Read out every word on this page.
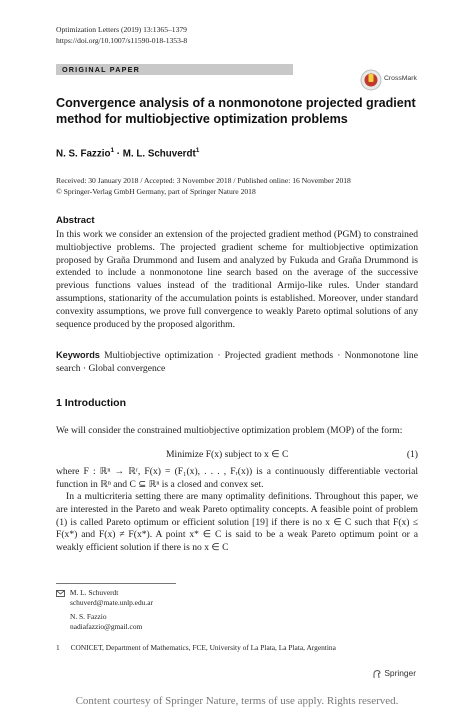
Optimization Letters (2019) 13:1365–1379
https://doi.org/10.1007/s11590-018-1353-8
ORIGINAL PAPER
CrossMark
Convergence analysis of a nonmonotone projected gradient method for multiobjective optimization problems
N. S. Fazzio$^1$ · M. L. Schuverdt$^1$
Received: 30 January 2018 / Accepted: 3 November 2018 / Published online: 16 November 2018
© Springer-Verlag GmbH Germany, part of Springer Nature 2018
Abstract
In this work we consider an extension of the projected gradient method (PGM) to constrained multiobjective problems. The projected gradient scheme for multiobjective optimization proposed by Graña Drummond and Iusem and analyzed by Fukuda and Graña Drummond is extended to include a nonmonotone line search based on the average of the successive previous functions values instead of the traditional Armijo-like rules. Under standard assumptions, stationarity of the accumulation points is established. Moreover, under standard convexity assumptions, we prove full convergence to weakly Pareto optimal solutions of any sequence produced by the proposed algorithm.
Keywords Multiobjective optimization · Projected gradient methods · Nonmonotone line search · Global convergence
1 Introduction
We will consider the constrained multiobjective optimization problem (MOP) of the form:
Minimize F(x) subject to x ∈ C	(1)
where F : ℝⁿ → ℝʳ, F(x) = (F₁(x), . . . , Fᵣ(x)) is a continuously differentiable vectorial function in ℝⁿ and C ⊆ ℝⁿ is a closed and convex set.
In a multicriteria setting there are many optimality definitions. Throughout this paper, we are interested in the Pareto and weak Pareto optimality concepts. A feasible point of problem (1) is called Pareto optimum or efficient solution [19] if there is no x ∈ C such that F(x) ≤ F(x*) and F(x) ≠ F(x*). A point x* ∈ C is said to be a weak Pareto optimum point or a weakly efficient solution if there is no x ∈ C
M. L. Schuverdt
schuverd@mate.unlp.edu.ar
N. S. Fazzio
nadiafazzio@gmail.com
1 CONICET, Department of Mathematics, FCE, University of La Plata, La Plata, Argentina
Springer
Content courtesy of Springer Nature, terms of use apply. Rights reserved.
